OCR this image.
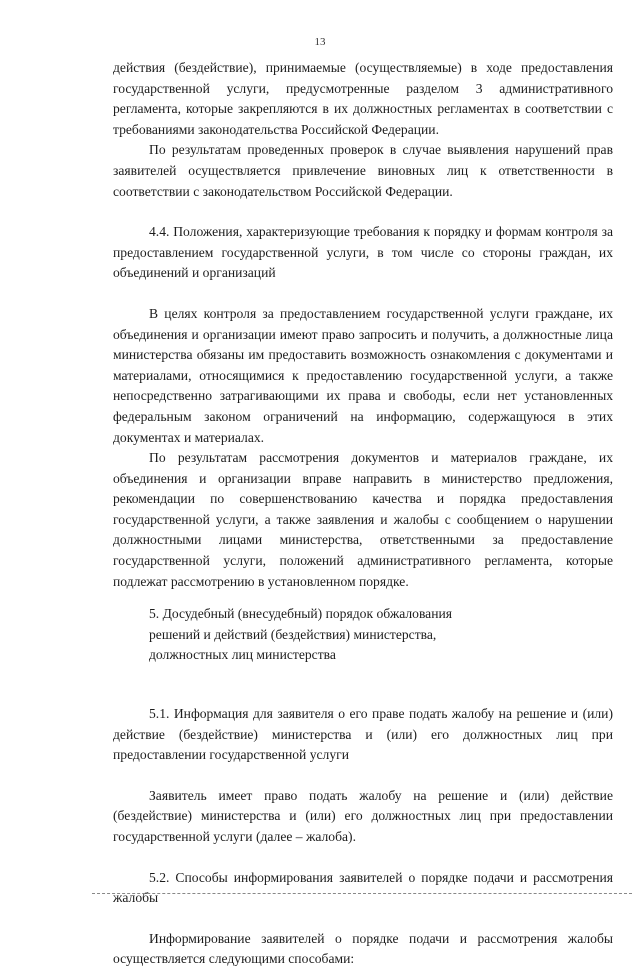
13

действия (бездействие), принимаемые (осуществляемые) в ходе предоставления государственной услуги, предусмотренные разделом 3 административного регламента, которые закрепляются в их должностных регламентах в соответствии с требованиями законодательства Российской Федерации.

По результатам проведенных проверок в случае выявления нарушений прав заявителей осуществляется привлечение виновных лиц к ответственности в соответствии с законодательством Российской Федерации.

4.4. Положения, характеризующие требования к порядку и формам контроля за предоставлением государственной услуги, в том числе со стороны граждан, их объединений и организаций

В целях контроля за предоставлением государственной услуги граждане, их объединения и организации имеют право запросить и получить, а должностные лица министерства обязаны им предоставить возможность ознакомления с документами и материалами, относящимися к предоставлению государственной услуги, а также непосредственно затрагивающими их права и свободы, если нет установленных федеральным законом ограничений на информацию, содержащуюся в этих документах и материалах.

По результатам рассмотрения документов и материалов граждане, их объединения и организации вправе направить в министерство предложения, рекомендации по совершенствованию качества и порядка предоставления государственной услуги, а также заявления и жалобы с сообщением о нарушении должностными лицами министерства, ответственными за предоставление государственной услуги, положений административного регламента, которые подлежат рассмотрению в установленном порядке.

5. Досудебный (внесудебный) порядок обжалования

решений и действий (бездействия) министерства,

должностных лиц министерства

5.1. Информация для заявителя о его праве подать жалобу на решение и (или) действие (бездействие) министерства и (или) его должностных лиц при предоставлении государственной услуги

Заявитель имеет право подать жалобу на решение и (или) действие (бездействие) министерства и (или) его должностных лиц при предоставлении государственной услуги (далее – жалоба).

5.2. Способы информирования заявителей о порядке подачи и рассмотрения жалобы

Информирование заявителей о порядке подачи и рассмотрения жалобы осуществляется следующими способами:
